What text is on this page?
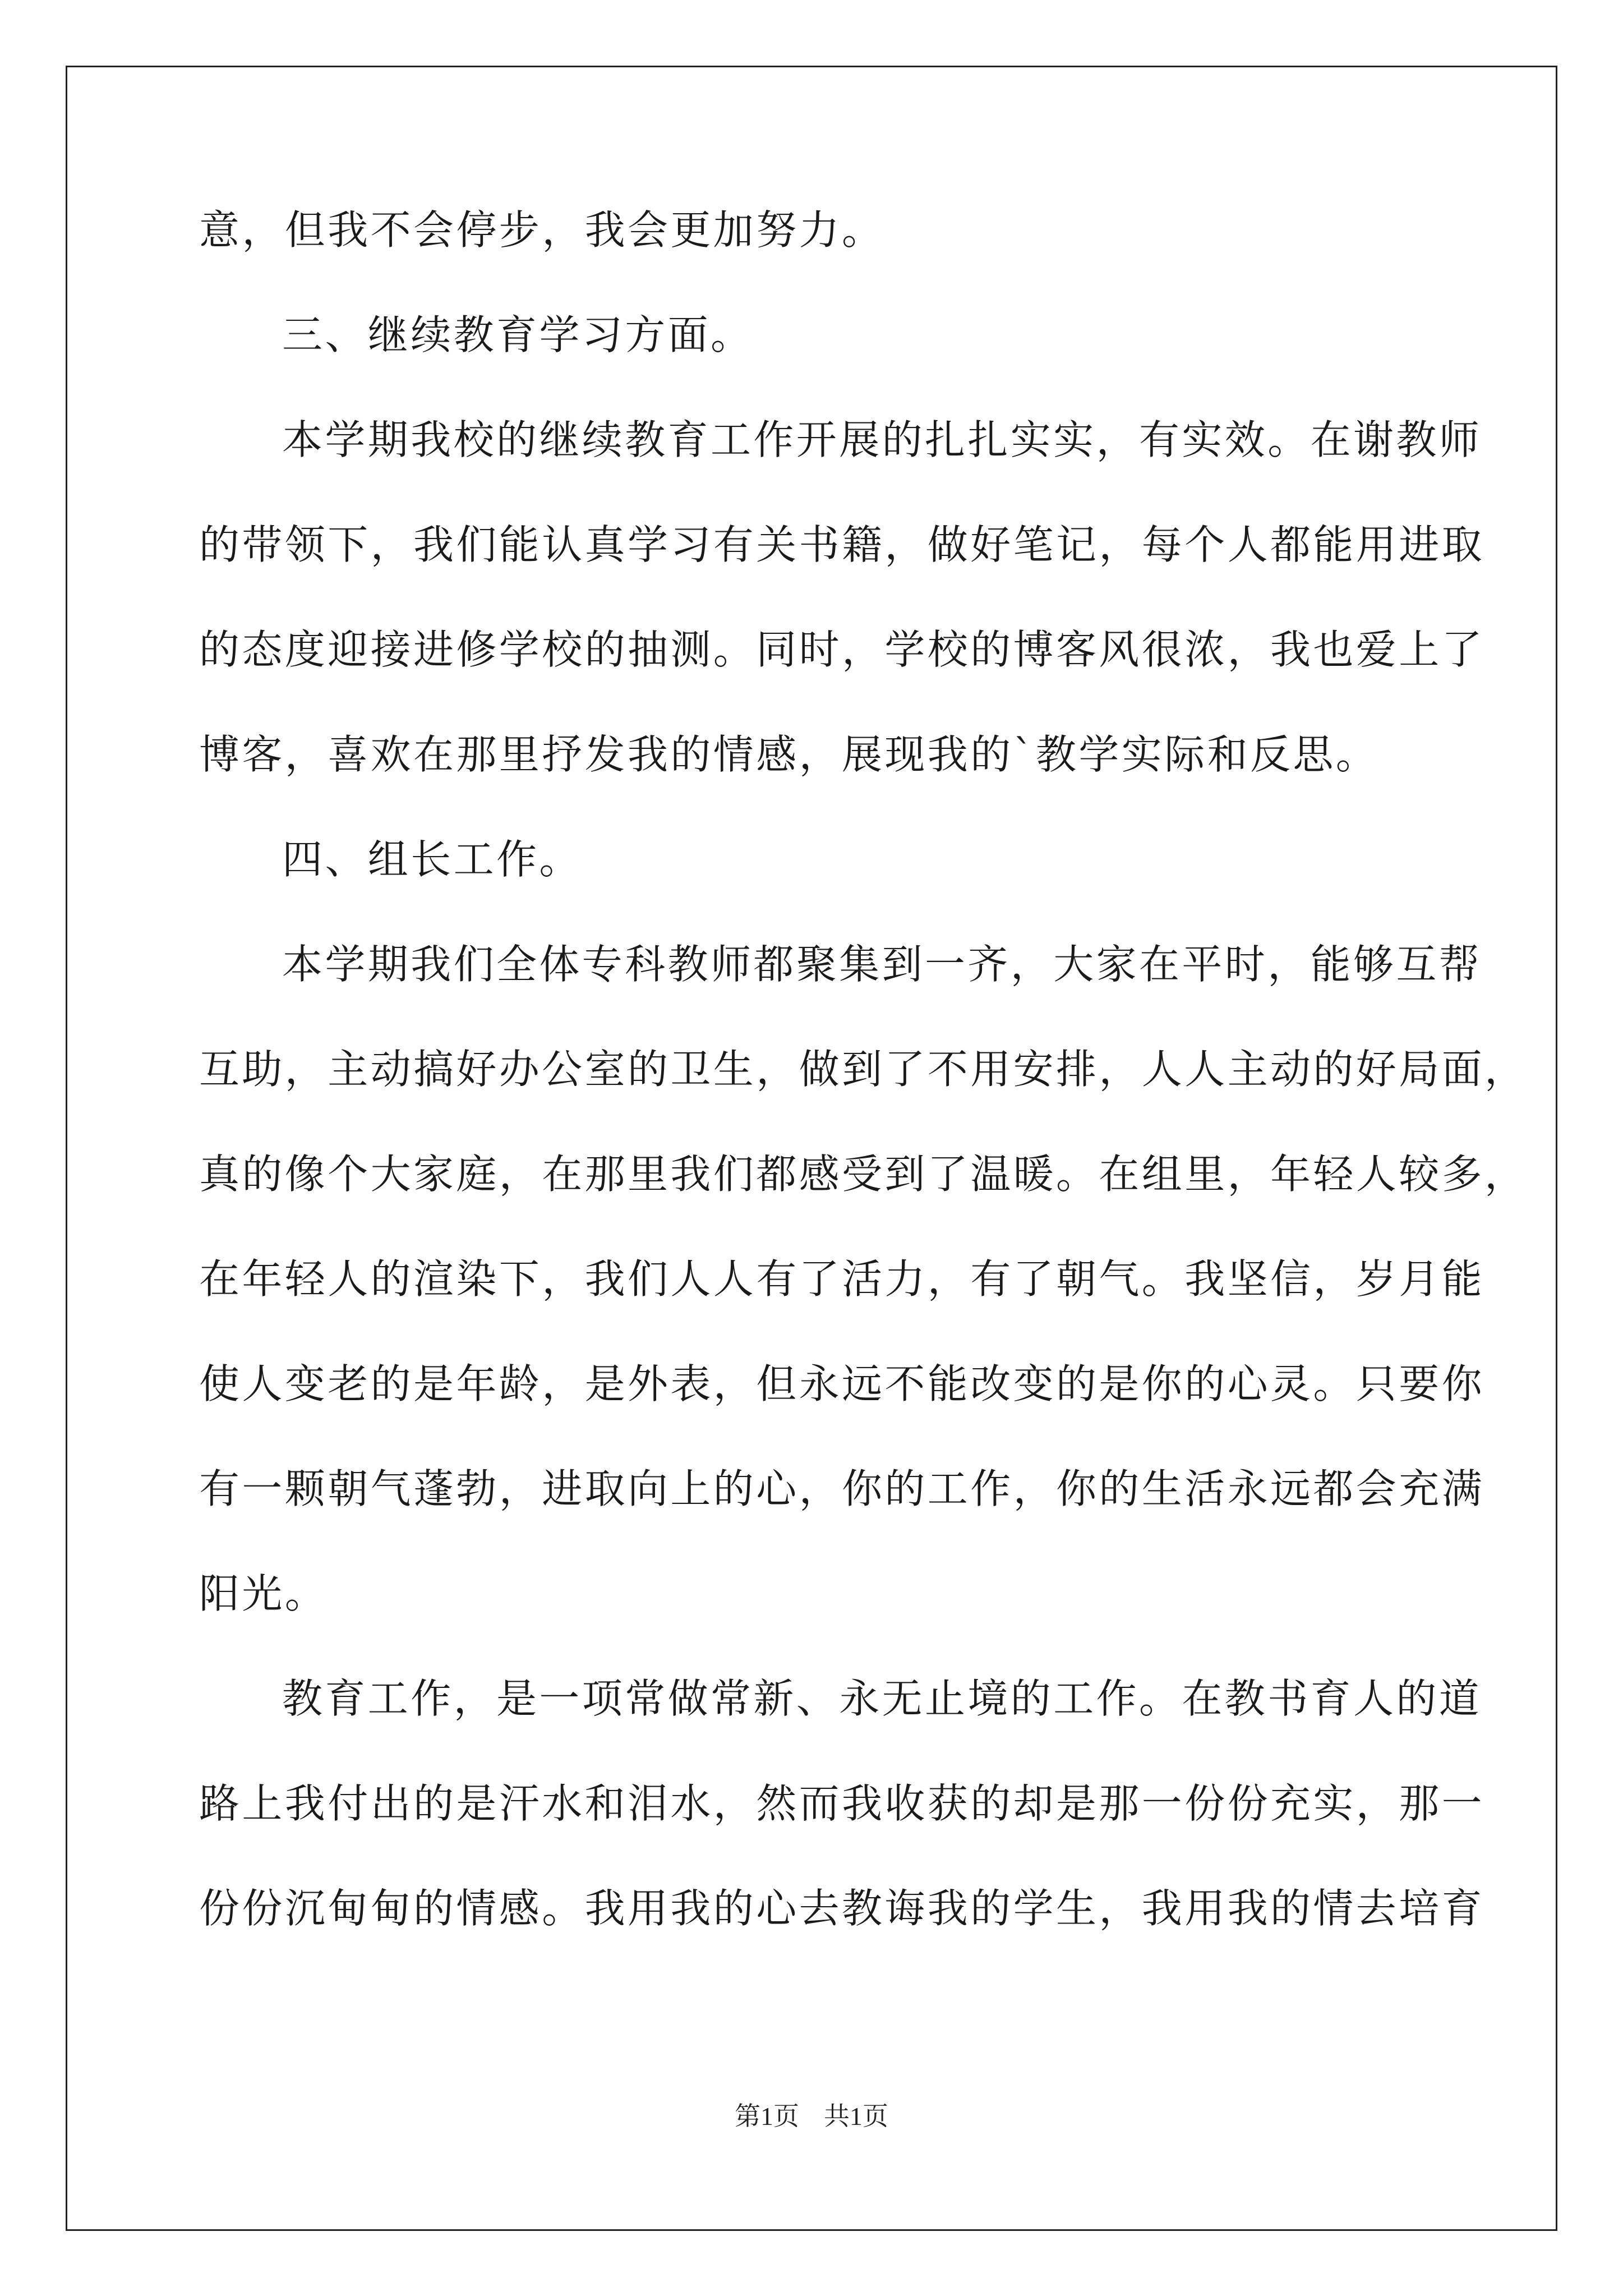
意，但我不会停步，我会更加努力。
三、继续教育学习方面。
本学期我校的继续教育工作开展的扎扎实实，有实效。在谢教师
的带领下，我们能认真学习有关书籍，做好笔记，每个人都能用进取
的态度迎接进修学校的抽测。同时，学校的博客风很浓，我也爱上了
博客，喜欢在那里抒发我的情感，展现我的`教学实际和反思。
四、组长工作。
本学期我们全体专科教师都聚集到一齐，大家在平时，能够互帮
互助，主动搞好办公室的卫生，做到了不用安排，人人主动的好局面，
真的像个大家庭，在那里我们都感受到了温暖。在组里，年轻人较多，
在年轻人的渲染下，我们人人有了活力，有了朝气。我坚信，岁月能
使人变老的是年龄，是外表，但永远不能改变的是你的心灵。只要你
有一颗朝气蓬勃，进取向上的心，你的工作，你的生活永远都会充满
阳光。
教育工作，是一项常做常新、永无止境的工作。在教书育人的道
路上我付出的是汗水和泪水，然而我收获的却是那一份份充实，那一
份份沉甸甸的情感。我用我的心去教诲我的学生，我用我的情去培育
第1页 共1页
